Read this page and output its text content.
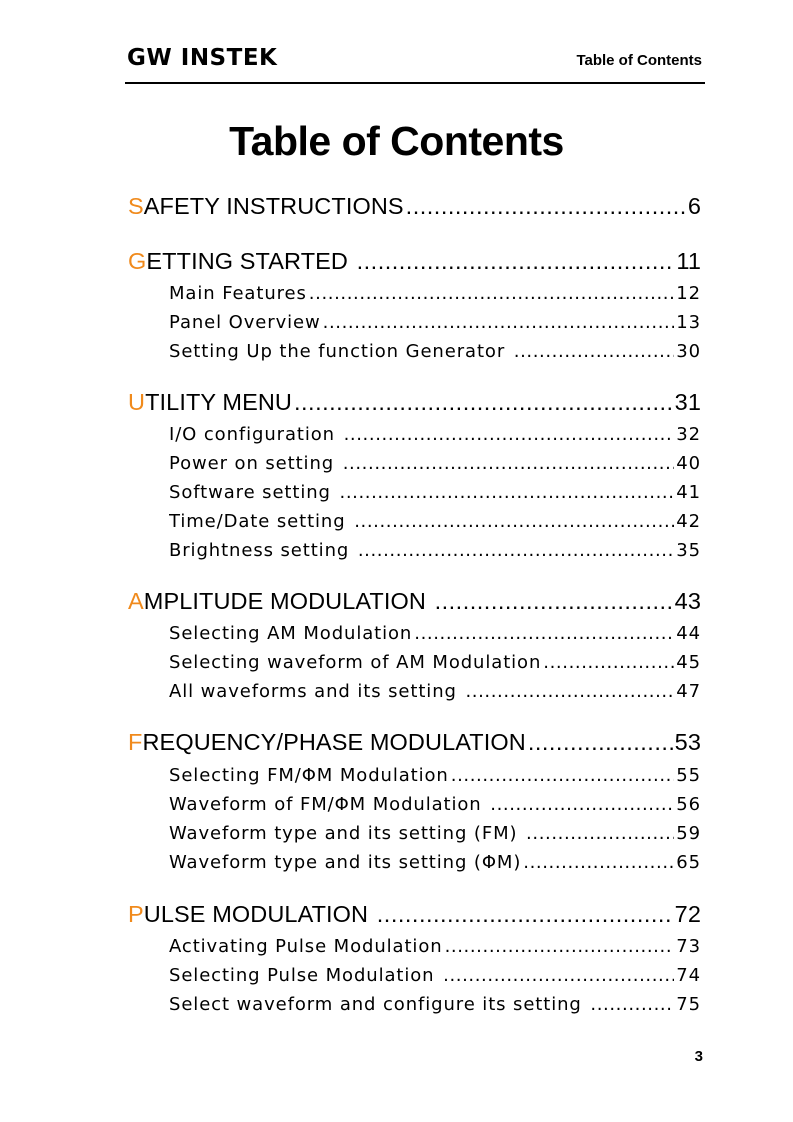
GW INSTEK	Table of Contents
Table of Contents
SAFETY INSTRUCTIONS .....	6
GETTING STARTED .....	11
Main Features .....	12
Panel Overview .....	13
Setting Up the function Generator .....	30
UTILITY MENU .....	31
I/O configuration .....	32
Power on setting .....	40
Software setting .....	41
Time/Date setting .....	42
Brightness setting .....	35
AMPLITUDE MODULATION .....	43
Selecting AM Modulation .....	44
Selecting waveform of AM Modulation .....	45
All waveforms and its setting .....	47
FREQUENCY/PHASE MODULATION .....	53
Selecting FM/ΦM Modulation .....	55
Waveform of FM/ΦM Modulation .....	56
Waveform type and its setting (FM) .....	59
Waveform type and its setting (ΦM) .....	65
PULSE MODULATION .....	72
Activating Pulse Modulation .....	73
Selecting Pulse Modulation .....	74
Select waveform and configure its setting .....	75
3
